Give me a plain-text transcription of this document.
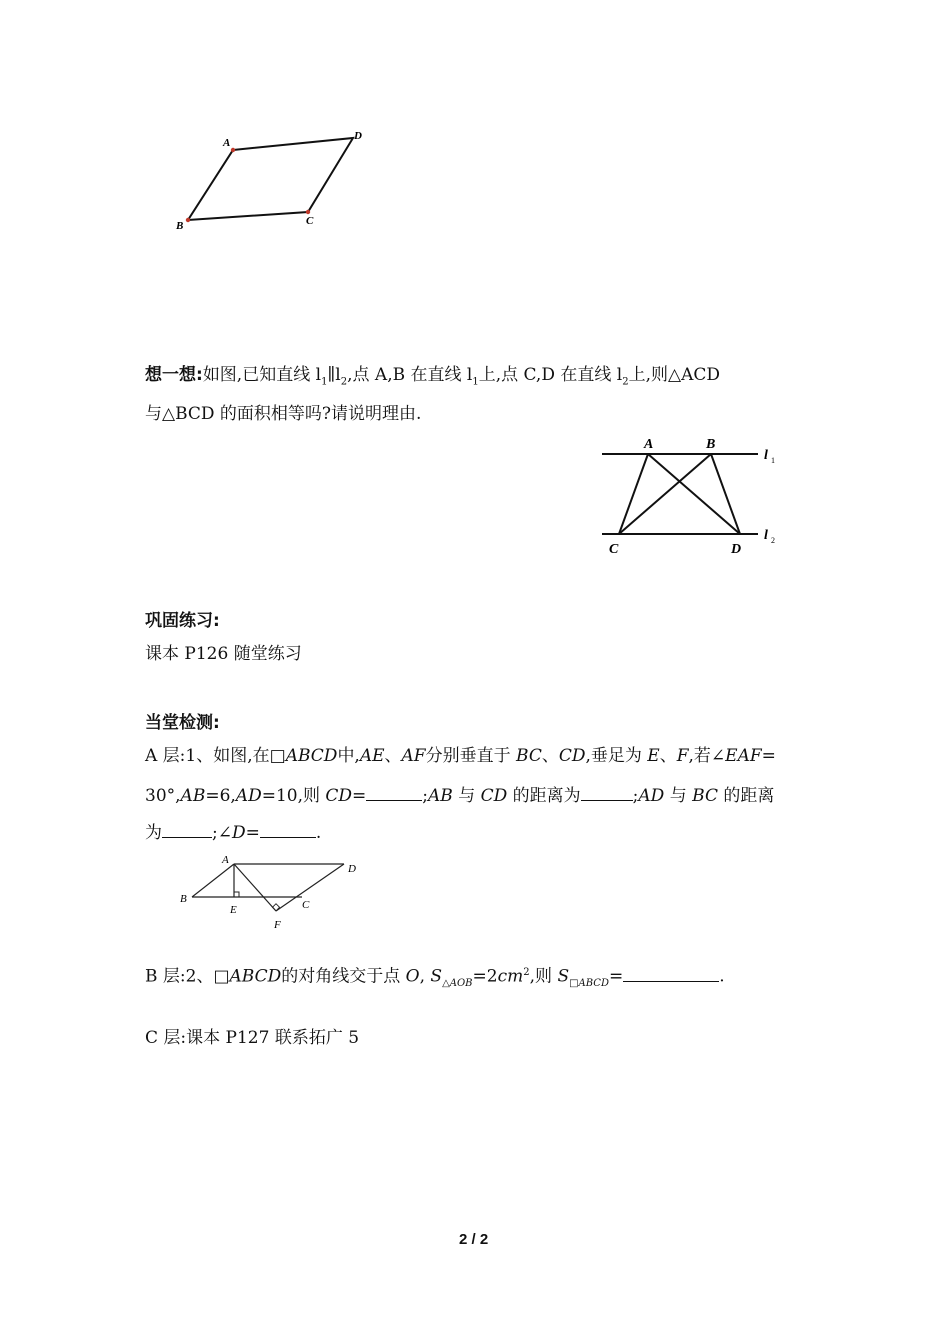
A
D
B	C
想一想:如图,已知直线 $l_1\parallel l_2$,点 A,B 在直线 $l_1$上,点 C,D 在直线 $l_2$上,则△ACD
与△BCD 的面积相等吗?请说明理由.
A	B
C	D
l 1
l 2
巩固练习:
课本 P126 随堂练习
当堂检测:
A 层:1、如图,在□ABCD中,AE、AF分别垂直于 BC、CD,垂足为 E、F,若∠EAF=
30°,AB=6,AD=10,则 CD=	;AB 与 CD 的距离为	;AD 与 BC 的距离
为	;∠D=	.
A
D
B
E	C
F
B 层:2、□ABCD的对角线交于点 O, $S_{\triangle AOB}=2cm^2$,则 $S_{□ABCD}=$	.
C 层:课本 P127 联系拓广 5
2 / 2
